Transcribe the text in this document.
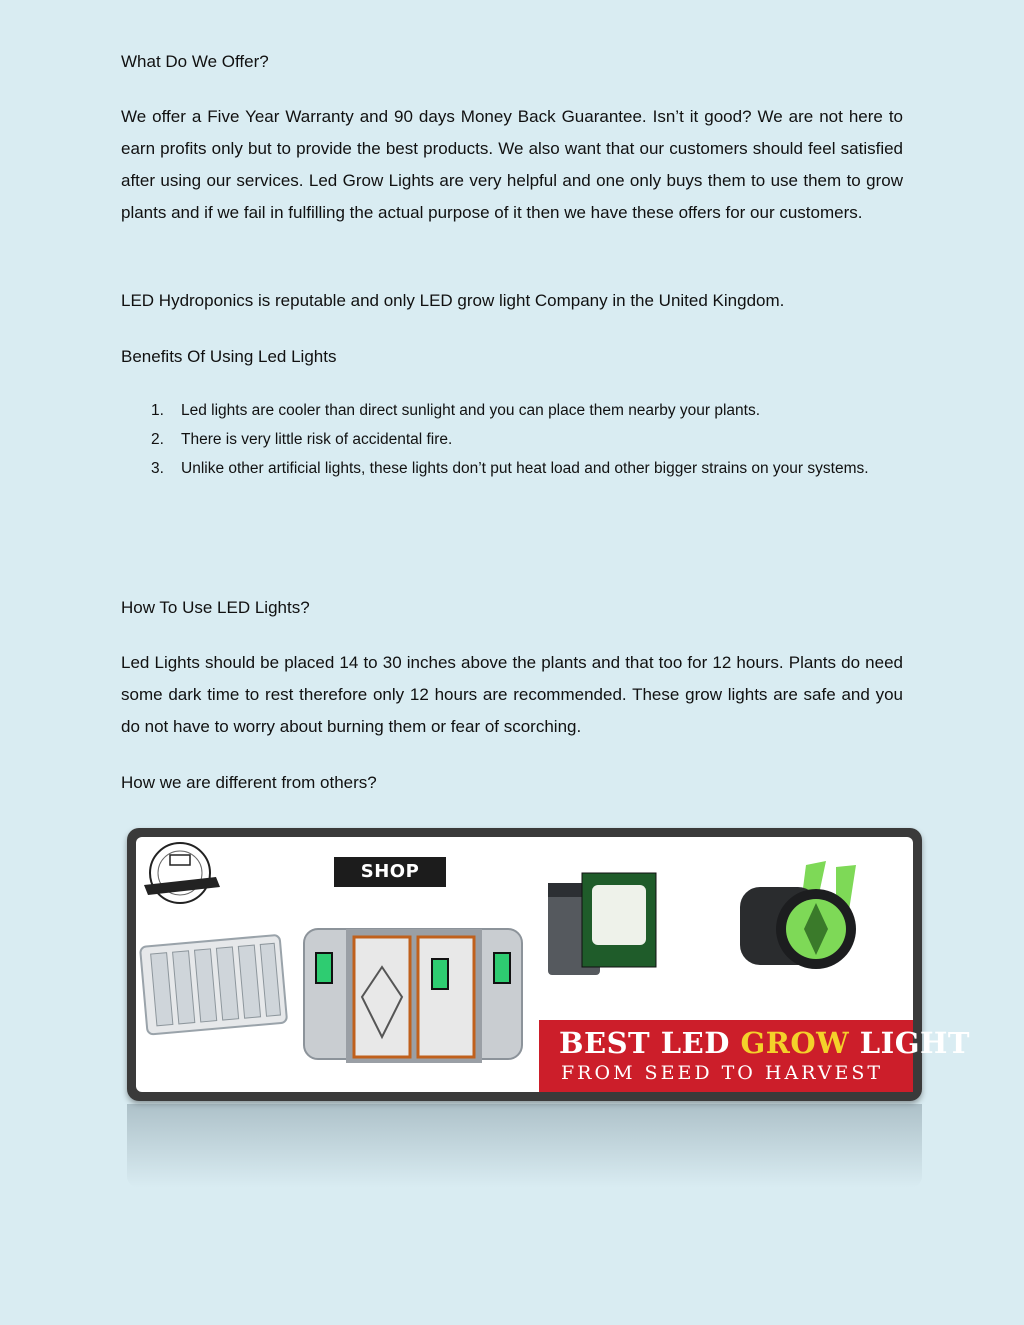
What Do We Offer?
We offer a Five Year Warranty and 90 days Money Back Guarantee. Isn’t it good? We are not here to earn profits only but to provide the best products. We also want that our customers should feel satisfied after using our services. Led Grow Lights are very helpful and one only buys them to use them to grow plants and if we fail in fulfilling the actual purpose of it then we have these offers for our customers.
LED Hydroponics is reputable and only LED grow light Company in the United Kingdom.
Benefits Of Using Led Lights
1. Led lights are cooler than direct sunlight and you can place them nearby your plants.
2. There is very little risk of accidental fire.
3. Unlike other artificial lights, these lights don’t put heat load and other bigger strains on your systems.
How To Use LED Lights?
Led Lights should be placed 14 to 30 inches above the plants and that too for 12 hours. Plants do need some dark time to rest therefore only 12 hours are recommended. These grow lights are safe and you do not have to worry about burning them or fear of scorching.
How we are different from others?
SHOP NOW >
BEST LED GROW LIGHT
FROM SEED TO HARVEST
